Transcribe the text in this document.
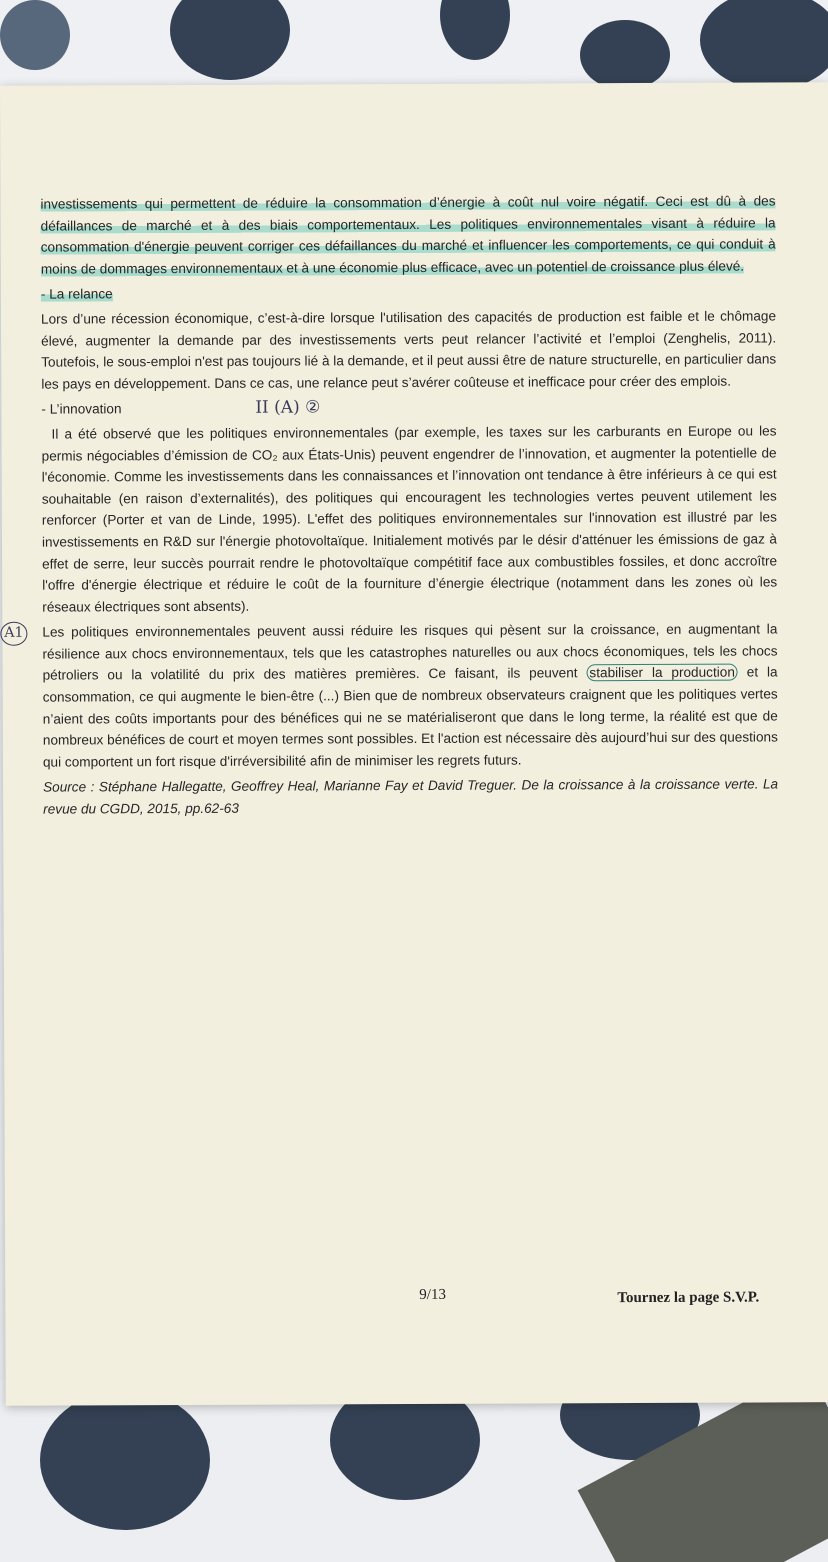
investissements qui permettent de réduire la consommation d’énergie à coût nul voire négatif. Ceci est dû à des défaillances de marché et à des biais comportementaux. Les politiques environnementales visant à réduire la consommation d'énergie peuvent corriger ces défaillances du marché et influencer les comportements, ce qui conduit à moins de dommages environnementaux et à une économie plus efficace, avec un potentiel de croissance plus élevé.

- La relance

Lors d’une récession économique, c’est-à-dire lorsque l'utilisation des capacités de production est faible et le chômage élevé, augmenter la demande par des investissements verts peut relancer l’activité et l’emploi (Zenghelis, 2011). Toutefois, le sous-emploi n'est pas toujours lié à la demande, et il peut aussi être de nature structurelle, en particulier dans les pays en développement. Dans ce cas, une relance peut s’avérer coûteuse et inefficace pour créer des emplois.

- L’innovation	II (A) ②

Il a été observé que les politiques environnementales (par exemple, les taxes sur les carburants en Europe ou les permis négociables d’émission de CO₂ aux États-Unis) peuvent engendrer de l’innovation, et augmenter la potentielle de l'économie. Comme les investissements dans les connaissances et l’innovation ont tendance à être inférieurs à ce qui est souhaitable (en raison d’externalités), des politiques qui encouragent les technologies vertes peuvent utilement les renforcer (Porter et van de Linde, 1995). L'effet des politiques environnementales sur l'innovation est illustré par les investissements en R&D sur l'énergie photovoltaïque. Initialement motivés par le désir d'atténuer les émissions de gaz à effet de serre, leur succès pourrait rendre le photovoltaïque compétitif face aux combustibles fossiles, et donc accroître l'offre d'énergie électrique et réduire le coût de la fourniture d’énergie électrique (notamment dans les zones où les réseaux électriques sont absents).

A1 Les politiques environnementales peuvent aussi réduire les risques qui pèsent sur la croissance, en augmentant la résilience aux chocs environnementaux, tels que les catastrophes naturelles ou aux chocs économiques, tels les chocs pétroliers ou la volatilité du prix des matières premières. Ce faisant, ils peuvent stabiliser la production et la consommation, ce qui augmente le bien-être (...) Bien que de nombreux observateurs craignent que les politiques vertes n’aient des coûts importants pour des bénéfices qui ne se matérialiseront que dans le long terme, la réalité est que de nombreux bénéfices de court et moyen termes sont possibles. Et l'action est nécessaire dès aujourd’hui sur des questions qui comportent un fort risque d'irréversibilité afin de minimiser les regrets futurs.

Source : Stéphane Hallegatte, Geoffrey Heal, Marianne Fay et David Treguer. De la croissance à la croissance verte. La revue du CGDD, 2015, pp.62-63

9/13	Tournez la page S.V.P.
